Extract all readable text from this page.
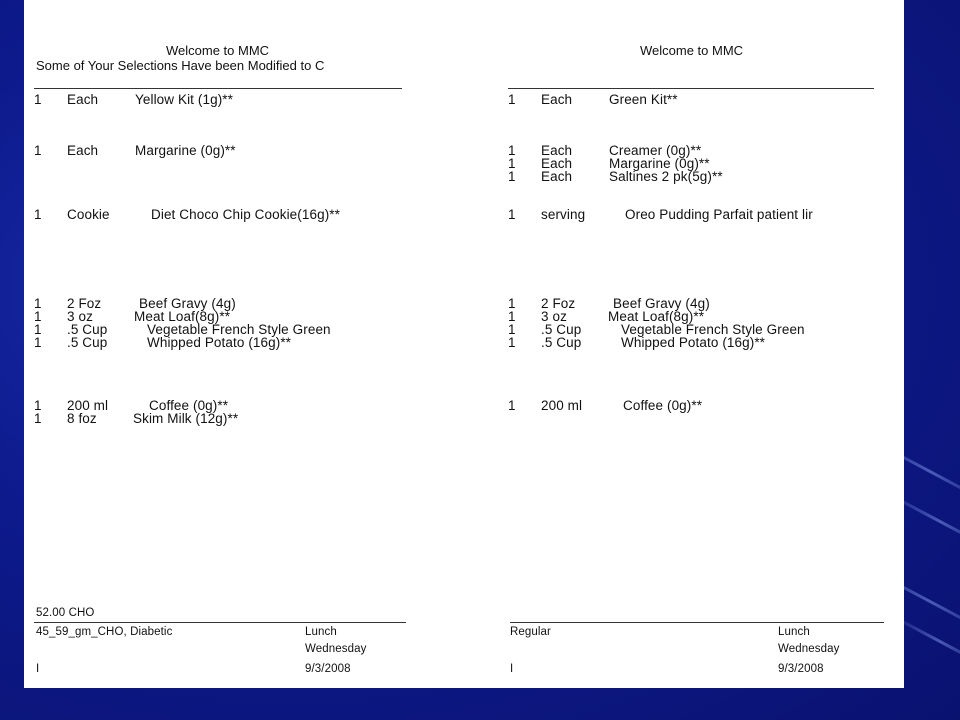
Welcome to MMC
Some of Your Selections Have been Modified to C
1 Each	Yellow Kit (1g)**
1 Each	Margarine (0g)**
1 Cookie	Diet Choco Chip Cookie(16g)**
1 2 Foz	Beef Gravy (4g)
1 3 oz	Meat Loaf(8g)**
1 .5 Cup	Vegetable French Style Green
1 .5 Cup	Whipped Potato (16g)**
1 200 ml	Coffee (0g)**
1 8 foz	Skim Milk (12g)**
52.00 CHO
45_59_gm_CHO, Diabetic	Lunch
Wednesday
I	9/3/2008
Welcome to MMC
1 Each	Green Kit**
1 Each	Creamer (0g)**
1 Each	Margarine (0g)**
1 Each	Saltines 2 pk(5g)**
1 serving	Oreo Pudding Parfait patient lir
1 2 Foz	Beef Gravy (4g)
1 3 oz	Meat Loaf(8g)**
1 .5 Cup	Vegetable French Style Green
1 .5 Cup	Whipped Potato (16g)**
1 200 ml	Coffee (0g)**
Regular	Lunch
Wednesday
I	9/3/2008
